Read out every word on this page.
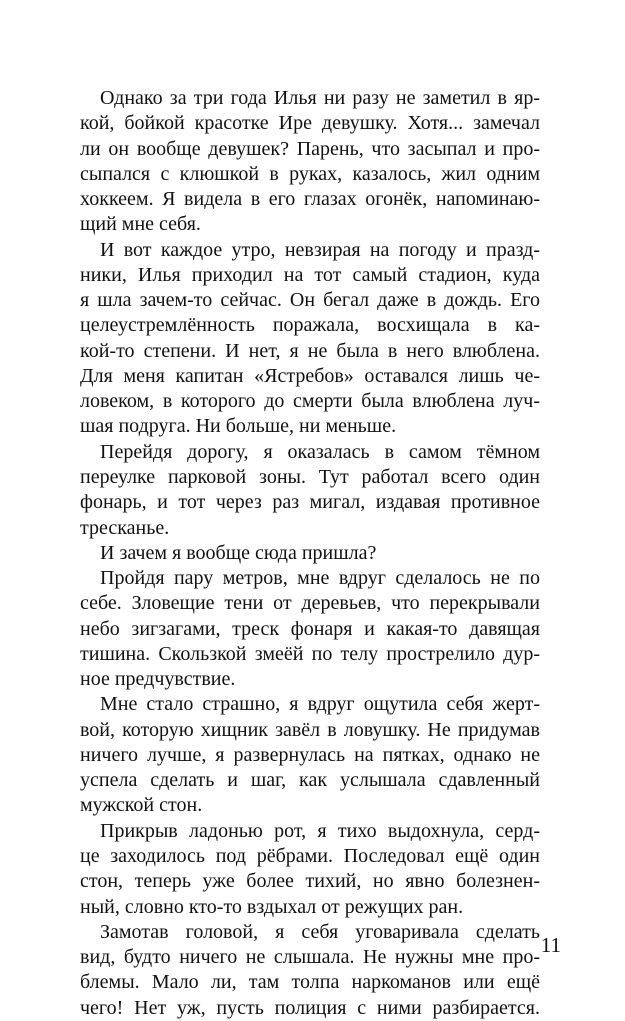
Однако за три года Илья ни разу не заметил в яр-
кой, бойкой красотке Ире девушку. Хотя... замечал
ли он вообще девушек? Парень, что засыпал и про-
сыпался с клюшкой в руках, казалось, жил одним
хоккеем. Я видела в его глазах огонёк, напоминаю-
щий мне себя.
И вот каждое утро, невзирая на погоду и празд-
ники, Илья приходил на тот самый стадион, куда
я шла зачем-то сейчас. Он бегал даже в дождь. Его
целеустремлённость поражала, восхищала в ка-
кой-то степени. И нет, я не была в него влюблена.
Для меня капитан «Ястребов» оставался лишь че-
ловеком, в которого до смерти была влюблена луч-
шая подруга. Ни больше, ни меньше.
Перейдя дорогу, я оказалась в самом тёмном
переулке парковой зоны. Тут работал всего один
фонарь, и тот через раз мигал, издавая противное
тресканье.
И зачем я вообще сюда пришла?
Пройдя пару метров, мне вдруг сделалось не по
себе. Зловещие тени от деревьев, что перекрывали
небо зигзагами, треск фонаря и какая-то давящая
тишина. Скользкой змеёй по телу прострелило дур-
ное предчувствие.
Мне стало страшно, я вдруг ощутила себя жерт-
вой, которую хищник завёл в ловушку. Не придумав
ничего лучше, я развернулась на пятках, однако не
успела сделать и шаг, как услышала сдавленный
мужской стон.
Прикрыв ладонью рот, я тихо выдохнула, серд-
це заходилось под рёбрами. Последовал ещё один
стон, теперь уже более тихий, но явно болезнен-
ный, словно кто-то вздыхал от режущих ран.
Замотав головой, я себя уговаривала сделать
вид, будто ничего не слышала. Не нужны мне про-
блемы. Мало ли, там толпа наркоманов или ещё
чего! Нет уж, пусть полиция с ними разбирается.
11
